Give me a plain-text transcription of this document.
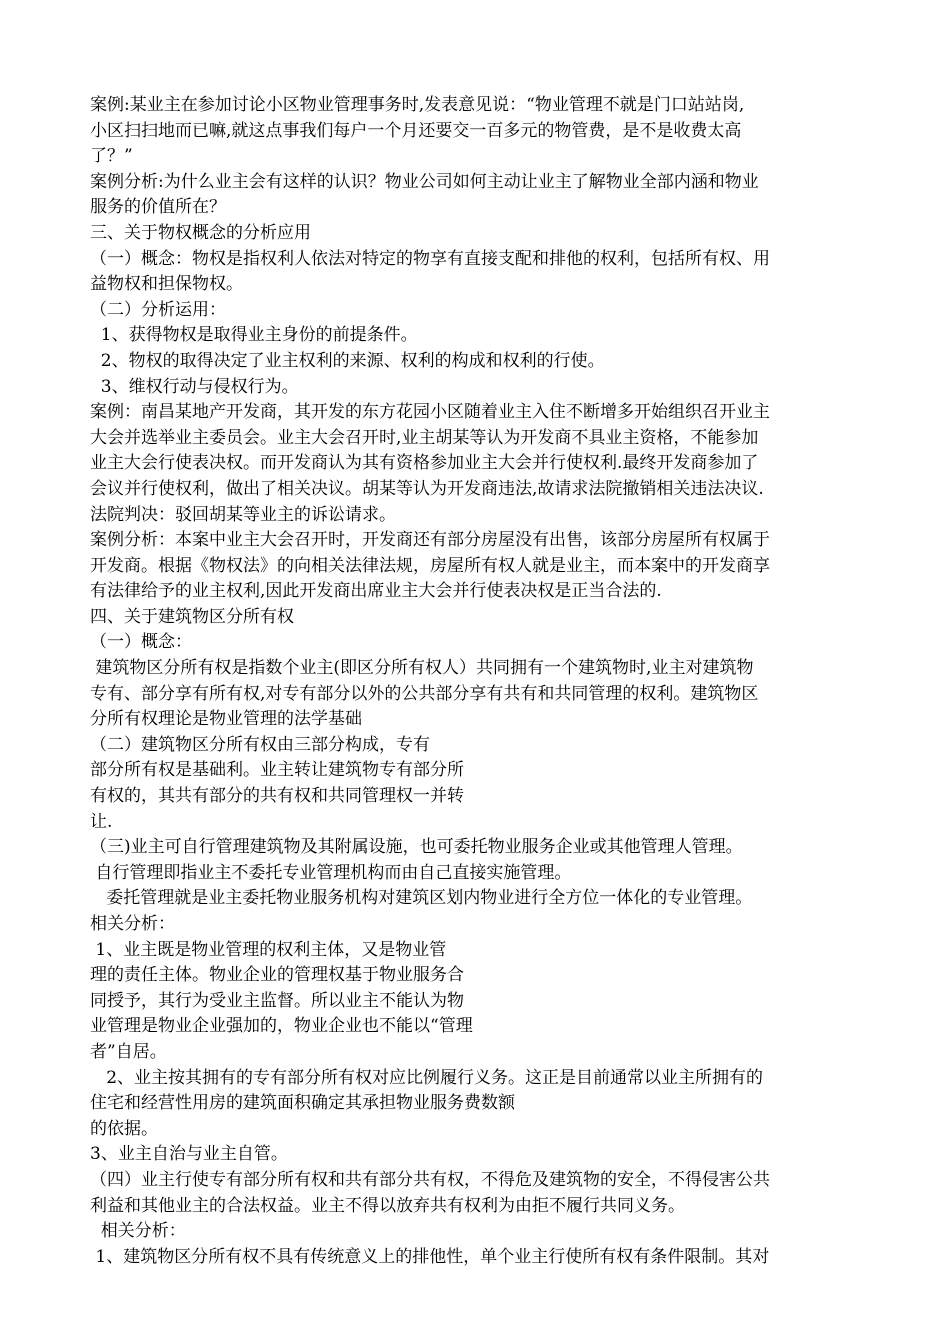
案例:某业主在参加讨论小区物业管理事务时,发表意见说：“物业管理不就是门口站站岗,
小区扫扫地而已嘛,就这点事我们每户一个月还要交一百多元的物管费，是不是收费太高
了？”
案例分析:为什么业主会有这样的认识？物业公司如何主动让业主了解物业全部内涵和物业
服务的价值所在？
三、关于物权概念的分析应用
（一）概念：物权是指权利人依法对特定的物享有直接支配和排他的权利，包括所有权、用
益物权和担保物权。
（二）分析运用：
1、获得物权是取得业主身份的前提条件。
2、物权的取得决定了业主权利的来源、权利的构成和权利的行使。
3、维权行动与侵权行为。
案例：南昌某地产开发商，其开发的东方花园小区随着业主入住不断增多开始组织召开业主
大会并选举业主委员会。业主大会召开时,业主胡某等认为开发商不具业主资格，不能参加
业主大会行使表决权。而开发商认为其有资格参加业主大会并行使权利.最终开发商参加了
会议并行使权利，做出了相关决议。胡某等认为开发商违法,故请求法院撤销相关违法决议.
法院判决：驳回胡某等业主的诉讼请求。
案例分析：本案中业主大会召开时，开发商还有部分房屋没有出售，该部分房屋所有权属于
开发商。根据《物权法》的向相关法律法规，房屋所有权人就是业主，而本案中的开发商享
有法律给予的业主权利,因此开发商出席业主大会并行使表决权是正当合法的.
四、关于建筑物区分所有权
（一）概念：
建筑物区分所有权是指数个业主(即区分所有权人）共同拥有一个建筑物时,业主对建筑物
专有、部分享有所有权,对专有部分以外的公共部分享有共有和共同管理的权利。建筑物区
分所有权理论是物业管理的法学基础
（二）建筑物区分所有权由三部分构成，专有
部分所有权是基础利。业主转让建筑物专有部分所
有权的，其共有部分的共有权和共同管理权一并转
让.
（三)业主可自行管理建筑物及其附属设施，也可委托物业服务企业或其他管理人管理。
自行管理即指业主不委托专业管理机构而由自己直接实施管理。
委托管理就是业主委托物业服务机构对建筑区划内物业进行全方位一体化的专业管理。
相关分析：
1、业主既是物业管理的权利主体，又是物业管
理的责任主体。物业企业的管理权基于物业服务合
同授予，其行为受业主监督。所以业主不能认为物
业管理是物业企业强加的，物业企业也不能以“管理
者”自居。
2、业主按其拥有的专有部分所有权对应比例履行义务。这正是目前通常以业主所拥有的
住宅和经营性用房的建筑面积确定其承担物业服务费数额
的依据。
3、业主自治与业主自管。
（四）业主行使专有部分所有权和共有部分共有权，不得危及建筑物的安全，不得侵害公共
利益和其他业主的合法权益。业主不得以放弃共有权利为由拒不履行共同义务。
相关分析：
1、建筑物区分所有权不具有传统意义上的排他性，单个业主行使所有权有条件限制。其对
